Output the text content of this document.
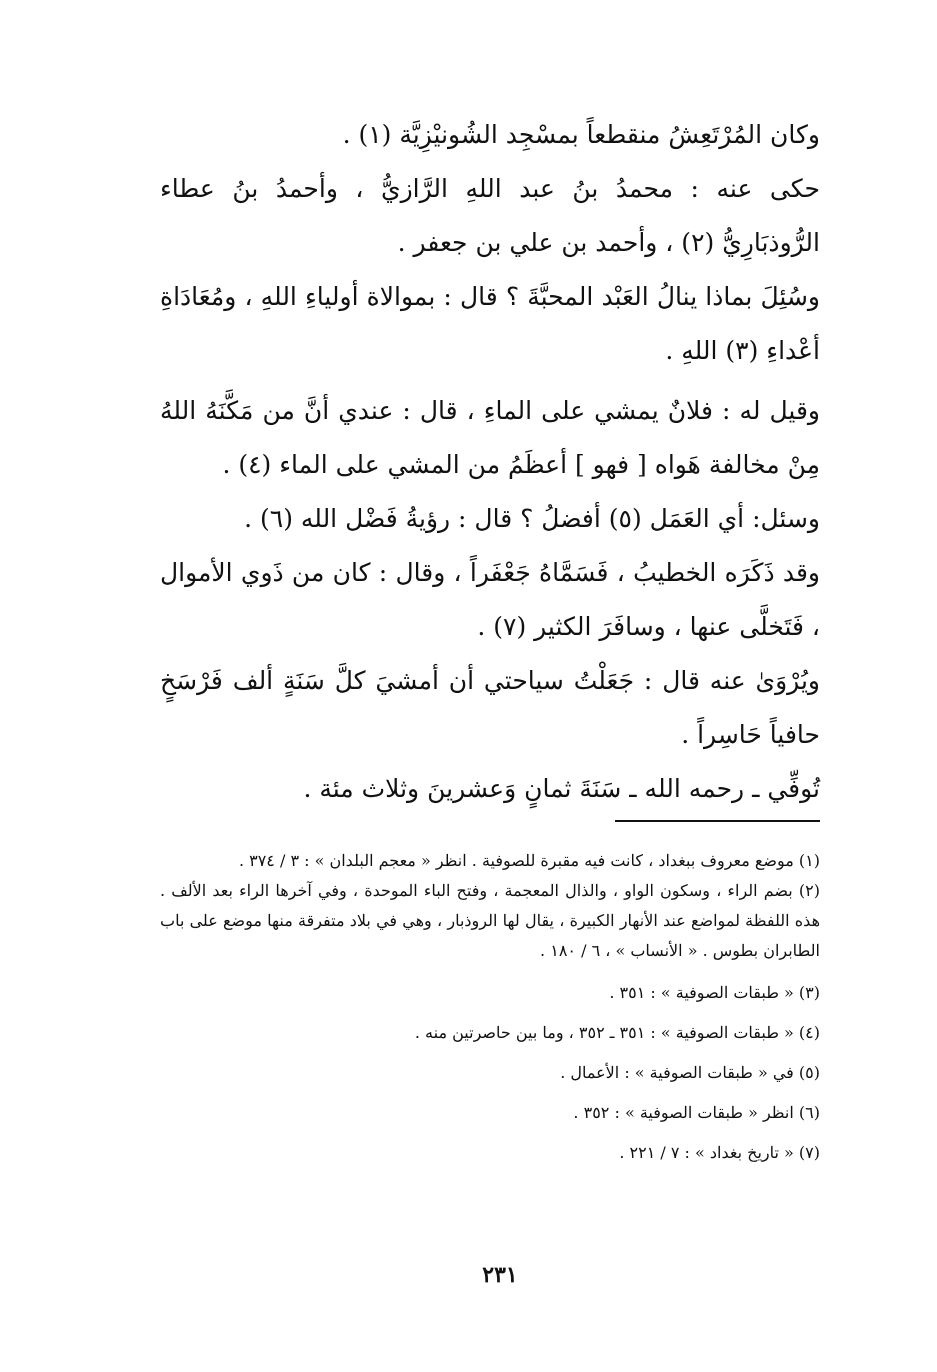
وكان المُرْتَعِشُ منقطعاً بمسْجِد الشُونيْزِيَّة (١) .

حكى عنه : محمدُ بنُ عبد اللهِ الرَّازيُّ ، وأحمدُ بنُ عطاء الرُّوذبَارِيُّ (٢) ، وأحمد بن علي بن جعفر .

وسُئِلَ بماذا ينالُ العَبْد المحبَّةَ ؟ قال : بموالاة أولياءِ اللهِ ، ومُعَادَاةِ أعْداءِ (٣) اللهِ .

وقيل له : فلانٌ يمشي على الماءِ ، قال : عندي أنَّ من مَكَّنَهُ اللهُ مِنْ مخالفة هَواه [ فهو ] أعظَمُ من المشي على الماء (٤) .

وسئل: أي العَمَل (٥) أفضلُ ؟ قال : رؤيةُ فَضْل الله (٦) .

وقد ذَكَرَه الخطيبُ ، فَسَمَّاهُ جَعْفَراً ، وقال : كان من ذَوي الأموال ، فَتَخلَّى عنها ، وسافَرَ الكثير (٧) .

ويُرْوَىٰ عنه قال : جَعَلْتُ سياحتي أن أمشيَ كلَّ سَنَةٍ ألف فَرْسَخٍ حافياً حَاسِراً .

تُوفِّي ـ رحمه الله ـ سَنَةَ ثمانٍ وَعشرينَ وثلاث مئة .

(١) موضع معروف ببغداد ، كانت فيه مقبرة للصوفية . انظر « معجم البلدان » : ٣ / ٣٧٤ .

(٢) بضم الراء ، وسكون الواو ، والذال المعجمة ، وفتح الباء الموحدة ، وفي آخرها الراء بعد الألف . هذه اللفظة لمواضع عند الأنهار الكبيرة ، يقال لها الروذبار ، وهي في بلاد متفرقة منها موضع على باب الطابران بطوس . « الأنساب » ، ٦ / ١٨٠ .

(٣) « طبقات الصوفية » : ٣٥١ .

(٤) « طبقات الصوفية » : ٣٥١ ـ ٣٥٢ ، وما بين حاصرتين منه .

(٥) في « طبقات الصوفية » : الأعمال .

(٦) انظر « طبقات الصوفية » : ٣٥٢ .

(٧) « تاريخ بغداد » : ٧ / ٢٢١ .

٢٣١
